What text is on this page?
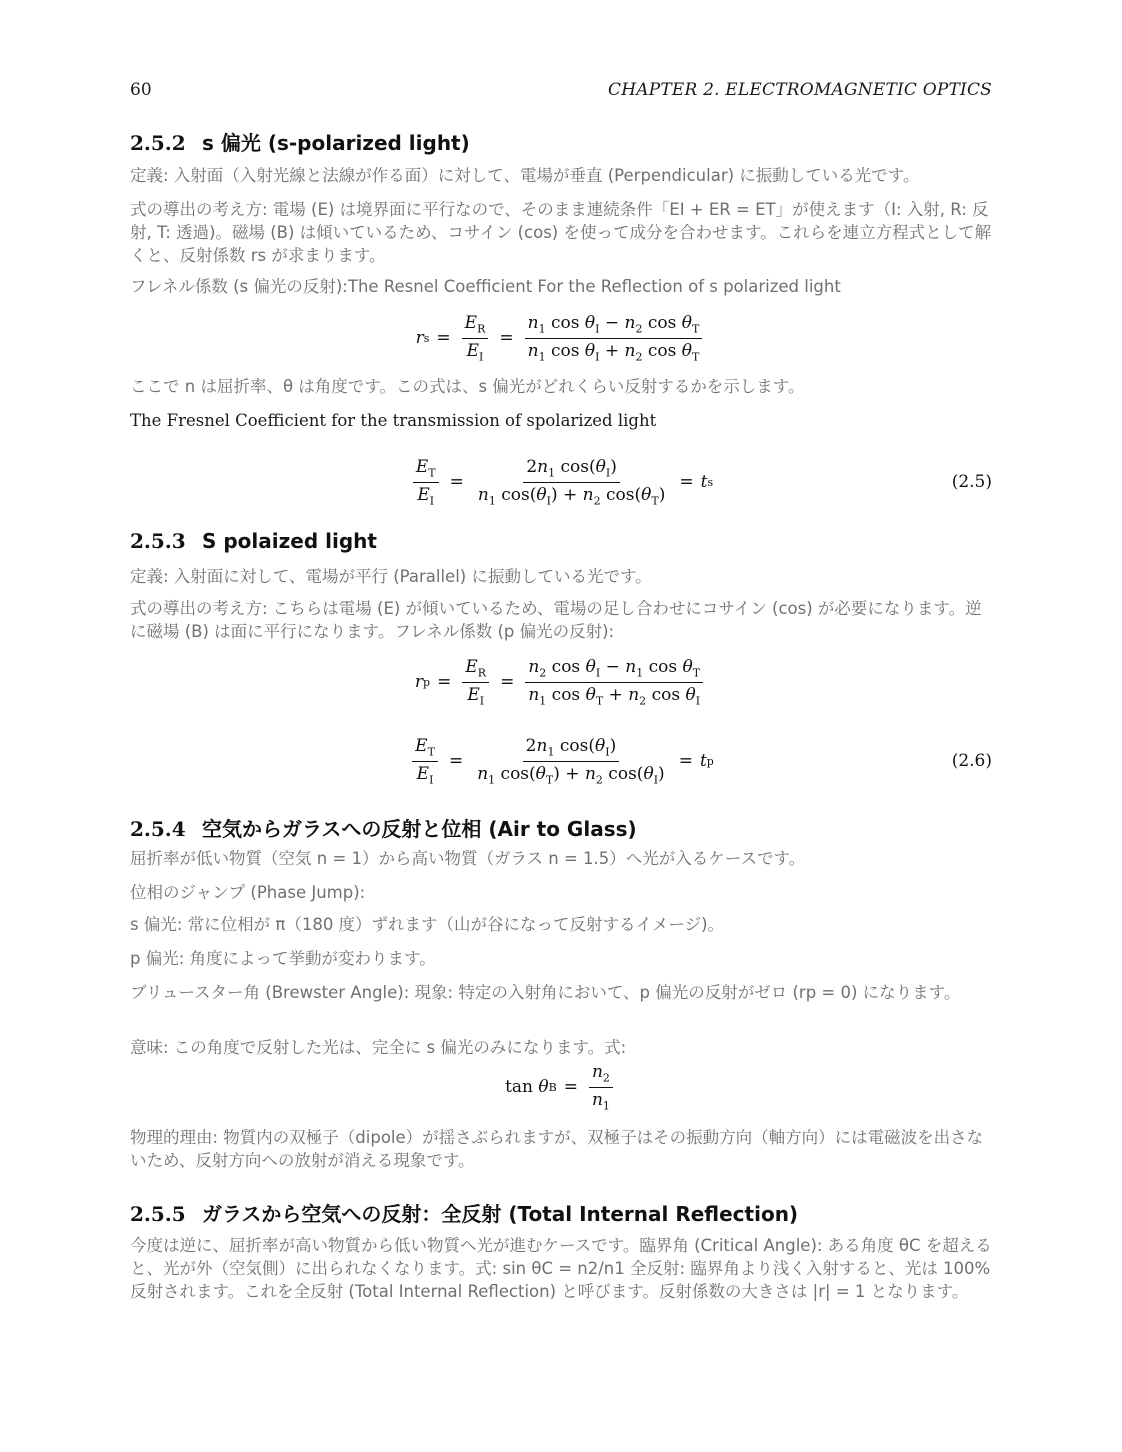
60	CHAPTER 2. ELECTROMAGNETIC OPTICS
2.5.2 s 偏光 (s-polarized light)
定義: 入射面（入射光線と法線が作る面）に対して、電場が垂直 (Perpendicular) に振動している光です。
式の導出の考え方: 電場 (E) は境界面に平行なので、そのまま連続条件「EI + ER = ET」が使えます（I: 入射, R: 反射, T: 透過)。磁場 (B) は傾いているため、コサイン (cos) を使って成分を合わせます。これらを連立方程式として解くと、反射係数 rs が求まります。
フレネル係数 (s 偏光の反射):The Resnel Coefficient For the Reflection of s polarized light
r $s = \frac{E_R}{E_I} = \frac{n_1 \cos \theta_I - n_2 \cos \theta_T}{n_1 \cos \theta_I + n_2 \cos \theta_T}$
ここで n は屈折率、θ は角度です。この式は、s 偏光がどれくらい反射するかを示します。
The Fresnel Coefficient for the transmission of spolarized light
$\frac{E_T}{E_I} = \frac{2n_1 \cos(\theta_I)}{n_1 \cos(\theta_I) + n_2 \cos(\theta_T)} = t$ s	(2.5)
2.5.3 S polaized light
定義: 入射面に対して、電場が平行 (Parallel) に振動している光です。
式の導出の考え方: こちらは電場 (E) が傾いているため、電場の足し合わせにコサイン (cos) が必要になります。逆に磁場 (B) は面に平行になります。フレネル係数 (p 偏光の反射):
r $p = \frac{E_R}{E_I} = \frac{n_2 \cos \theta_I - n_1 \cos \theta_T}{n_1 \cos \theta_T + n_2 \cos \theta_I}$
$\frac{E_T}{E_I} = \frac{2n_1 \cos(\theta_I)}{n_1 \cos(\theta_T) + n_2 \cos(\theta_I)} = t$ p	(2.6)
2.5.4 空気からガラスへの反射と位相 (Air to Glass)
屈折率が低い物質（空気 n = 1）から高い物質（ガラス n = 1.5）へ光が入るケースです。
位相のジャンプ (Phase Jump):
s 偏光: 常に位相が π（180 度）ずれます（山が谷になって反射するイメージ)。
p 偏光: 角度によって挙動が変わります。
ブリュースター角 (Brewster Angle): 現象: 特定の入射角において、p 偏光の反射がゼロ (rp = 0) になります。
意味: この角度で反射した光は、完全に s 偏光のみになります。式:
tan θ $B = \frac{n_2}{n_1}$
物理的理由: 物質内の双極子（dipole）が揺さぶられますが、双極子はその振動方向（軸方向）には電磁波を出さないため、反射方向への放射が消える現象です。
2.5.5 ガラスから空気への反射：全反射 (Total Internal Reflection)
今度は逆に、屈折率が高い物質から低い物質へ光が進むケースです。臨界角 (Critical Angle): ある角度 θC を超えると、光が外（空気側）に出られなくなります。式: sin θC = n2/n1 全反射: 臨界角より浅く入射すると、光は 100% 反射されます。これを全反射 (Total Internal Reflection) と呼びます。反射係数の大きさは |r| = 1 となります。
